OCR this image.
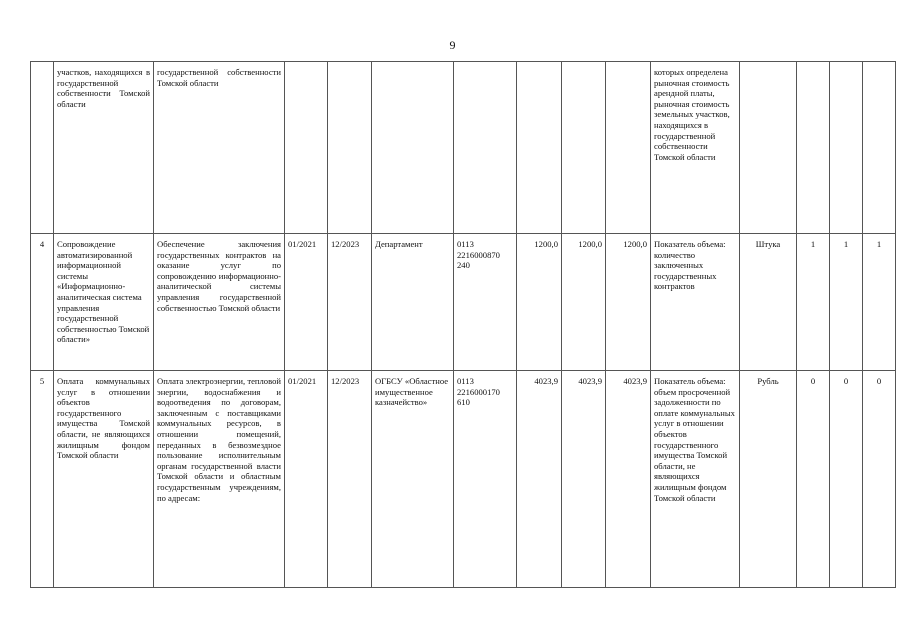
9
	участков, находящихся в государственной собственности Томской области	государственной собственности Томской области								которых определена рыночная стоимость арендной платы, рыночная стоимость земельных участков, находящихся в государственной собственности Томской области				
4	Сопровождение автоматизированной информационной системы «Информационно-аналитическая система управления государственной собственностью Томской области»	Обеспечение заключения государственных контрактов на оказание услуг по сопровождению информационно-аналитической системы управления государственной собственностью Томской области	01/2021	12/2023	Департамент	0113 2216000870 240	1200,0	1200,0	1200,0	Показатель объема: количество заключенных государственных контрактов	Штука	1	1	1
5	Оплата коммунальных услуг в отношении объектов государственного имущества Томской области, не являющихся жилищным фондом Томской области	Оплата электроэнергии, тепловой энергии, водоснабжения и водоотведения по договорам, заключенным с поставщиками коммунальных ресурсов, в отношении помещений, переданных в безвозмездное пользование исполнительным органам государственной власти Томской области и областным государственным учреждениям, по адресам:	01/2021	12/2023	ОГБСУ «Областное имущественное казначейство»	0113 2216000170 610	4023,9	4023,9	4023,9	Показатель объема: объем просроченной задолженности по оплате коммунальных услуг в отношении объектов государственного имущества Томской области, не являющихся жилищным фондом Томской области	Рубль	0	0	0
